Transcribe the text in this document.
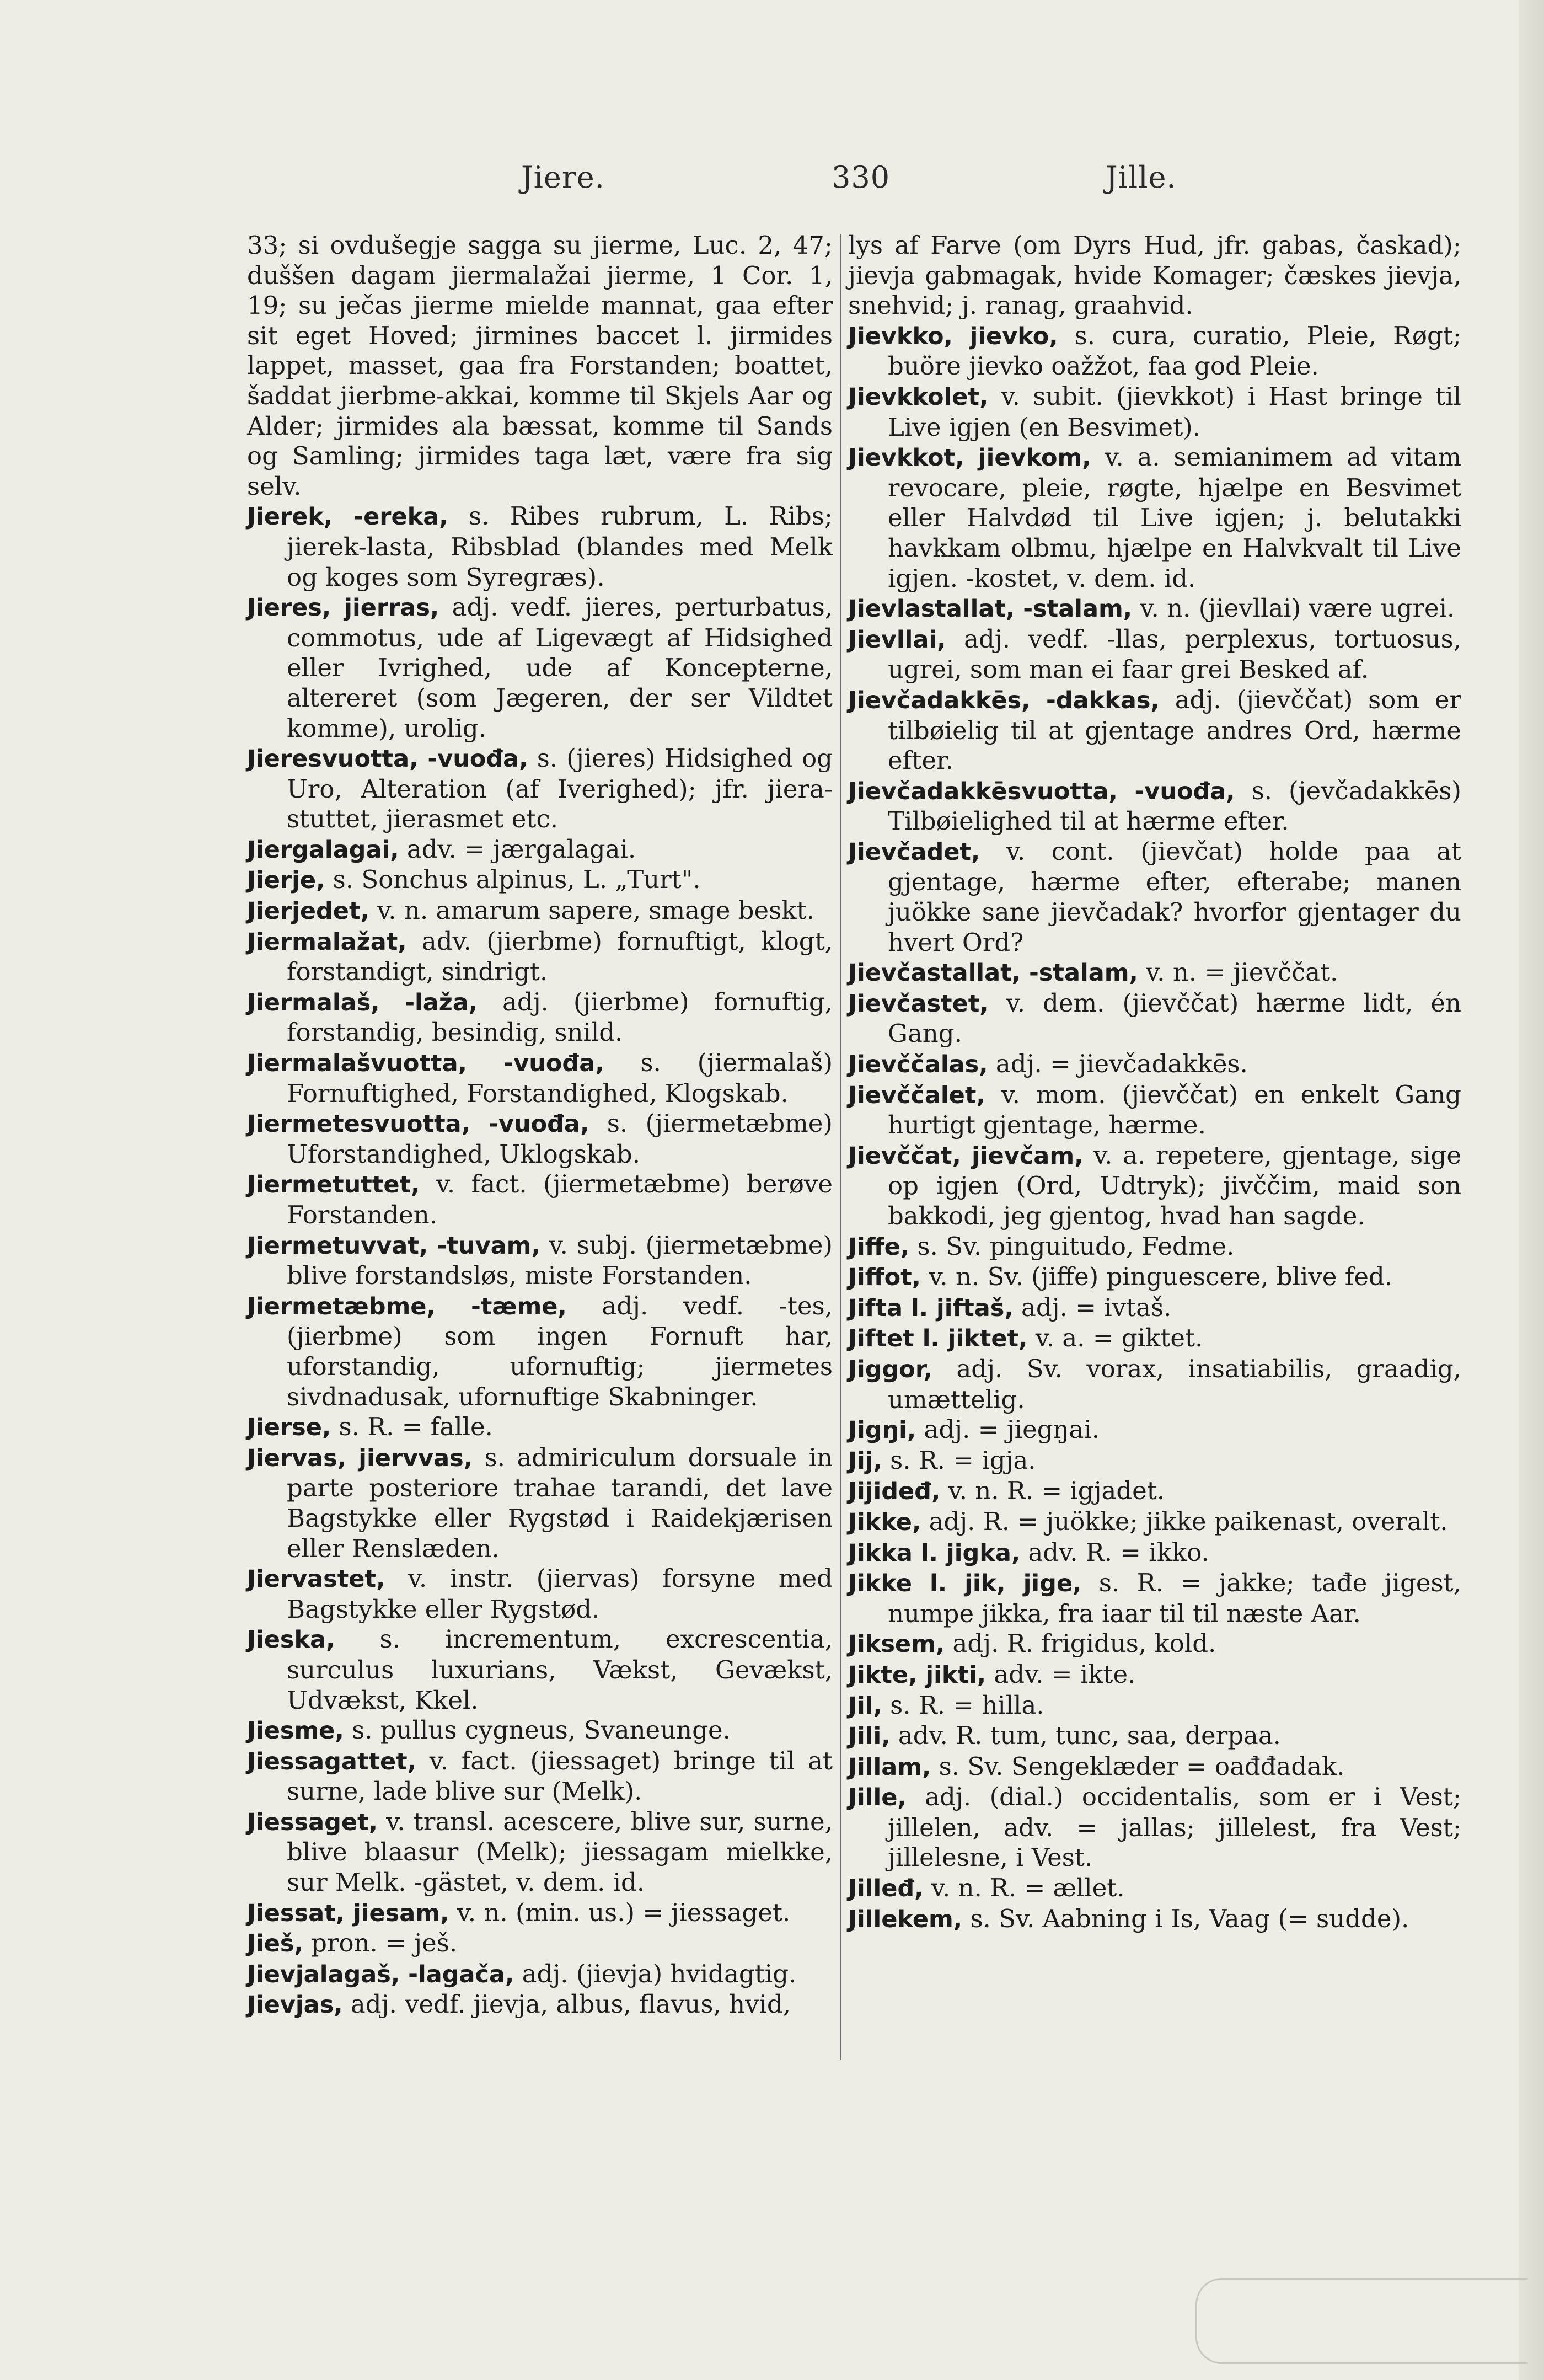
Jiere.	330	Jille.

33; si ovdušegje sagga su jierme, Luc. 2, 47; duššen dagam jiermalažai jierme, 1 Cor. 1, 19; su ječas jierme mielde mannat, gaa efter sit eget Hoved; jirmines baccet l. jirmides lappet, masset, gaa fra Forstanden; boattet, šaddat jierbme-akkai, komme til Skjels Aar og Alder; jirmides ala bæssat, komme til Sands og Samling; jirmides taga læt, være fra sig selv.

Jierek, -ereka, s. Ribes rubrum, L. Ribs; jierek-lasta, Ribsblad (blandes med Melk og koges som Syregræs).

Jieres, jierras, adj. vedf. jieres, perturbatus, commotus, ude af Ligevægt af Hidsighed eller Ivrighed, ude af Koncepterne, altereret (som Jægeren, der ser Vildtet komme), urolig.

Jieresvuotta, -vuođa, s. (jieres) Hidsighed og Uro, Alteration (af Iverighed); jfr. jiera-stuttet, jierasmet etc.

Jiergalagai, adv. = jærgalagai.

Jierje, s. Sonchus alpinus, L. „Turt".

Jierjedet, v. n. amarum sapere, smage beskt.

Jiermalažat, adv. (jierbme) fornuftigt, klogt, forstandigt, sindrigt.

Jiermalaš, -laža, adj. (jierbme) fornuftig, forstandig, besindig, snild.

Jiermalašvuotta, -vuođa, s. (jiermalaš) Fornuftighed, Forstandighed, Klogskab.

Jiermetesvuotta, -vuođa, s. (jiermetæbme) Uforstandighed, Uklogskab.

Jiermetuttet, v. fact. (jiermetæbme) berøve Forstanden.

Jiermetuvvat, -tuvam, v. subj. (jiermetæbme) blive forstandsløs, miste Forstanden.

Jiermetæbme, -tæme, adj. vedf. -tes, (jierbme) som ingen Fornuft har, uforstandig, ufornuftig; jiermetes sivdnadusak, ufornuftige Skabninger.

Jierse, s. R. = falle.

Jiervas, jiervvas, s. admiriculum dorsuale in parte posteriore trahae tarandi, det lave Bagstykke eller Rygstød i Raidekjærisen eller Renslæden.

Jiervastet, v. instr. (jiervas) forsyne med Bagstykke eller Rygstød.

Jieska, s. incrementum, excrescentia, surculus luxurians, Vækst, Gevækst, Udvækst, Kkel.

Jiesme, s. pullus cygneus, Svaneunge.

Jiessagattet, v. fact. (jiessaget) bringe til at surne, lade blive sur (Melk).

Jiessaget, v. transl. acescere, blive sur, surne, blive blaasur (Melk); jiessagam mielkke, sur Melk. -gästet, v. dem. id.

Jiessat, jiesam, v. n. (min. us.) = jiessaget.

Jieš, pron. = ješ.

Jievjalagaš, -lagača, adj. (jievja) hvidagtig.

Jievjas, adj. vedf. jievja, albus, flavus, hvid,

lys af Farve (om Dyrs Hud, jfr. gabas, časkad); jievja gabmagak, hvide Komager; čæskes jievja, snehvid; j. ranag, graahvid.

Jievkko, jievko, s. cura, curatio, Pleie, Røgt; buöre jievko oažžot, faa god Pleie.

Jievkkolet, v. subit. (jievkkot) i Hast bringe til Live igjen (en Besvimet).

Jievkkot, jievkom, v. a. semianimem ad vitam revocare, pleie, røgte, hjælpe en Besvimet eller Halvdød til Live igjen; j. belutakki havkkam olbmu, hjælpe en Halvkvalt til Live igjen. -kostet, v. dem. id.

Jievlastallat, -stalam, v. n. (jievllai) være ugrei.

Jievllai, adj. vedf. -llas, perplexus, tortuosus, ugrei, som man ei faar grei Besked af.

Jievčadakkēs, -dakkas, adj. (jievččat) som er tilbøielig til at gjentage andres Ord, hærme efter.

Jievčadakkēsvuotta, -vuođa, s. (jevčadakkēs) Tilbøielighed til at hærme efter.

Jievčadet, v. cont. (jievčat) holde paa at gjentage, hærme efter, efterabe; manen juökke sane jievčadak? hvorfor gjentager du hvert Ord?

Jievčastallat, -stalam, v. n. = jievččat.

Jievčastet, v. dem. (jievččat) hærme lidt, én Gang.

Jievččalas, adj. = jievčadakkēs.

Jievččalet, v. mom. (jievččat) en enkelt Gang hurtigt gjentage, hærme.

Jievččat, jievčam, v. a. repetere, gjentage, sige op igjen (Ord, Udtryk); jivččim, maid son bakkodi, jeg gjentog, hvad han sagde.

Jiffe, s. Sv. pinguitudo, Fedme.

Jiffot, v. n. Sv. (jiffe) pinguescere, blive fed.

Jifta l. jiftaš, adj. = ivtaš.

Jiftet l. jiktet, v. a. = giktet.

Jiggor, adj. Sv. vorax, insatiabilis, graadig, umættelig.

Jigŋi, adj. = jiegŋai.

Jij, s. R. = igja.

Jijideđ, v. n. R. = igjadet.

Jikke, adj. R. = juökke; jikke paikenast, overalt.

Jikka l. jigka, adv. R. = ikko.

Jikke l. jik, jige, s. R. = jakke; tađe jigest, numpe jikka, fra iaar til til næste Aar.

Jiksem, adj. R. frigidus, kold.

Jikte, jikti, adv. = ikte.

Jil, s. R. = hilla.

Jili, adv. R. tum, tunc, saa, derpaa.

Jillam, s. Sv. Sengeklæder = oađđadak.

Jille, adj. (dial.) occidentalis, som er i Vest; jillelen, adv. = jallas; jillelest, fra Vest; jillelesne, i Vest.

Jilleđ, v. n. R. = ællet.

Jillekem, s. Sv. Aabning i Is, Vaag (= sudde).
